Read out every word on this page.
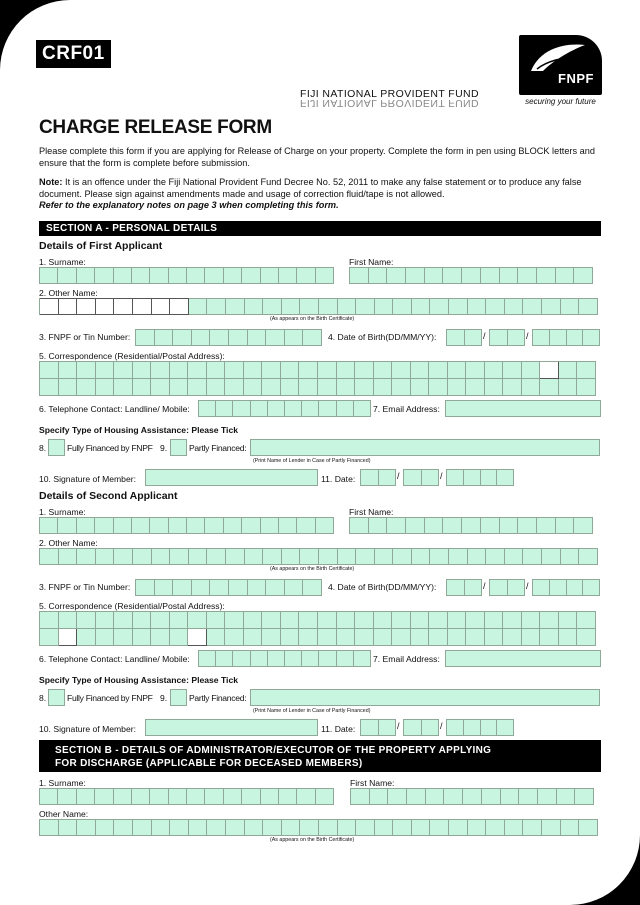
CRF01
FIJI NATIONAL PROVIDENT FUND
FIJI NATIONAL PROVIDENT FUND
FNPF
securing your future
CHARGE RELEASE FORM
Please complete this form if you are applying for Release of Charge on your property. Complete the form in pen using BLOCK letters and ensure that the form is complete before submission.
Note: It is an offence under the Fiji National Provident Fund Decree No. 52, 2011 to make any false statement or to produce any false document. Please sign against amendments made and usage of correction fluid/tape is not allowed.
Refer to the explanatory notes on page 3 when completing this form.
SECTION A - PERSONAL DETAILS
Details of First Applicant
1. Surname:	First Name:
2. Other Name:
(As appears on the Birth Certificate)
3. FNPF or Tin Number:	4. Date of Birth(DD/MM/YY):	/	/
5. Correspondence (Residential/Postal Address):
6. Telephone Contact: Landline/ Mobile:	7. Email Address:
Specify Type of Housing Assistance: Please Tick
8. Fully Financed by FNPF 9.	Partly Financed:
(Print Name of Lender in Case of Partly Financed)
10. Signature of Member:	11. Date:	/	/
Details of Second Applicant
1. Surname:	First Name:
2. Other Name:
(As appears on the Birth Certificate)
3. FNPF or Tin Number:	4. Date of Birth(DD/MM/YY):	/	/
5. Correspondence (Residential/Postal Address):
6. Telephone Contact: Landline/ Mobile:	7. Email Address:
Specify Type of Housing Assistance: Please Tick
8. Fully Financed by FNPF 9.	Partly Financed:
(Print Name of Lender in Case of Partly Financed)
10. Signature of Member:	11. Date:	/	/
SECTION B - DETAILS OF ADMINISTRATOR/EXECUTOR OF THE PROPERTY APPLYING
FOR DISCHARGE (APPLICABLE FOR DECEASED MEMBERS)
1. Surname:	First Name:
Other Name:
(As appears on the Birth Certificate)
1
